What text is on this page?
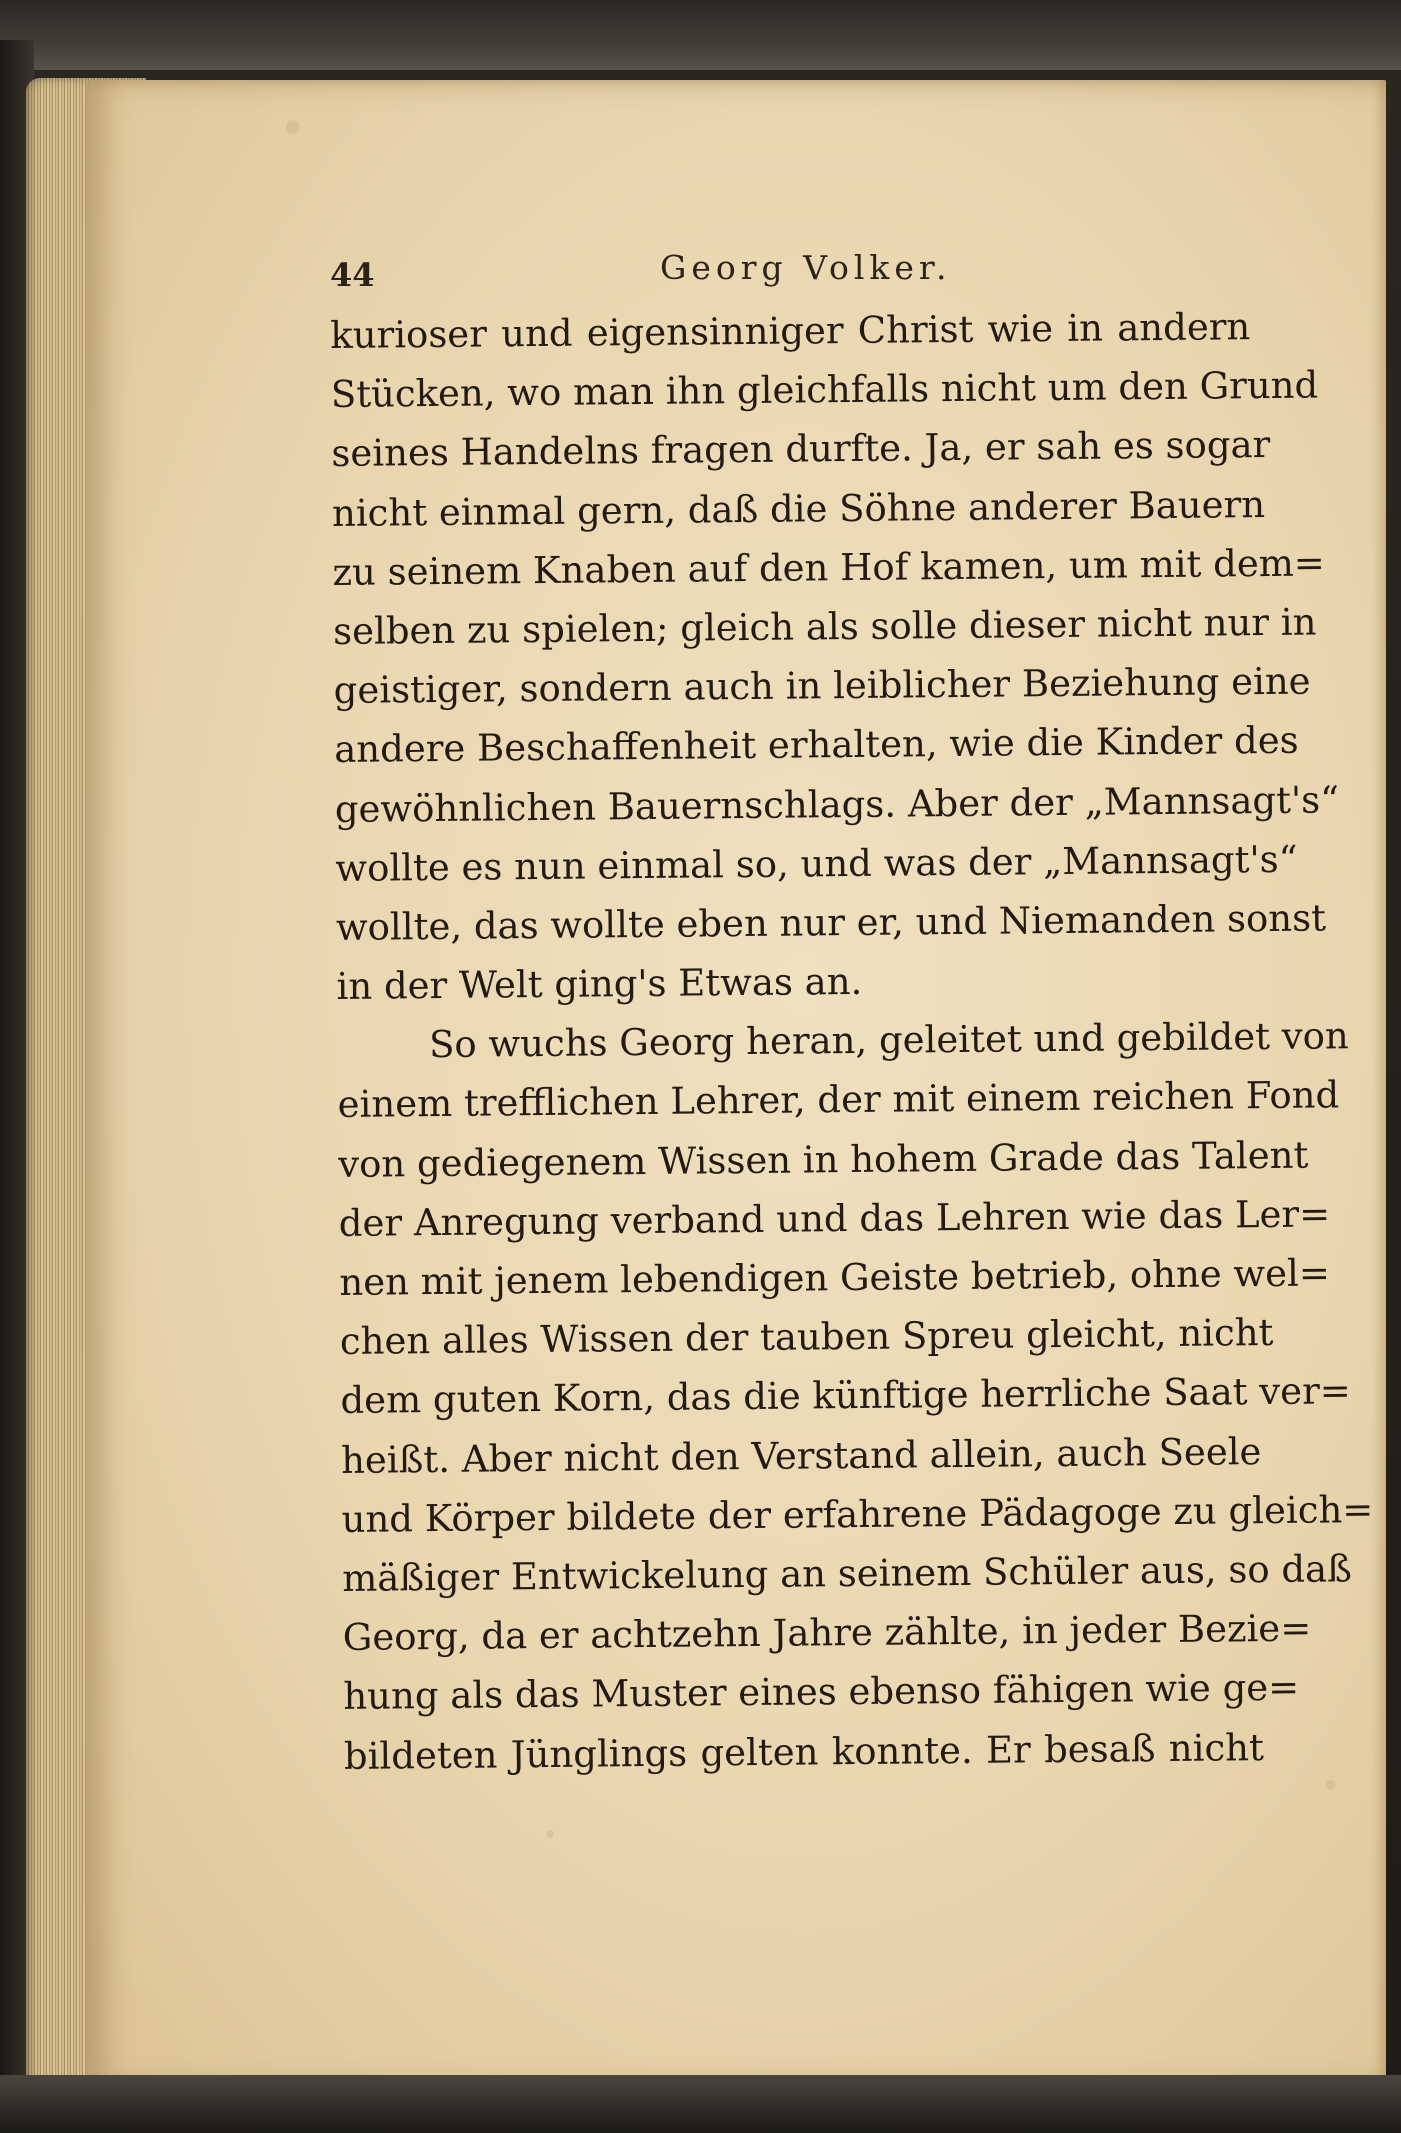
44	Georg Volker.
kurioser und eigensinniger Christ wie in andern
Stücken, wo man ihn gleichfalls nicht um den Grund
seines Handelns fragen durfte. Ja, er sah es sogar
nicht einmal gern, daß die Söhne anderer Bauern
zu seinem Knaben auf den Hof kamen, um mit dem=
selben zu spielen; gleich als solle dieser nicht nur in
geistiger, sondern auch in leiblicher Beziehung eine
andere Beschaffenheit erhalten, wie die Kinder des
gewöhnlichen Bauernschlags. Aber der „Mannsagt's“
wollte es nun einmal so, und was der „Mannsagt's“
wollte, das wollte eben nur er, und Niemanden sonst
in der Welt ging's Etwas an.
So wuchs Georg heran, geleitet und gebildet von
einem trefflichen Lehrer, der mit einem reichen Fond
von gediegenem Wissen in hohem Grade das Talent
der Anregung verband und das Lehren wie das Ler=
nen mit jenem lebendigen Geiste betrieb, ohne wel=
chen alles Wissen der tauben Spreu gleicht, nicht
dem guten Korn, das die künftige herrliche Saat ver=
heißt. Aber nicht den Verstand allein, auch Seele
und Körper bildete der erfahrene Pädagoge zu gleich=
mäßiger Entwickelung an seinem Schüler aus, so daß
Georg, da er achtzehn Jahre zählte, in jeder Bezie=
hung als das Muster eines ebenso fähigen wie ge=
bildeten Jünglings gelten konnte. Er besaß nicht
